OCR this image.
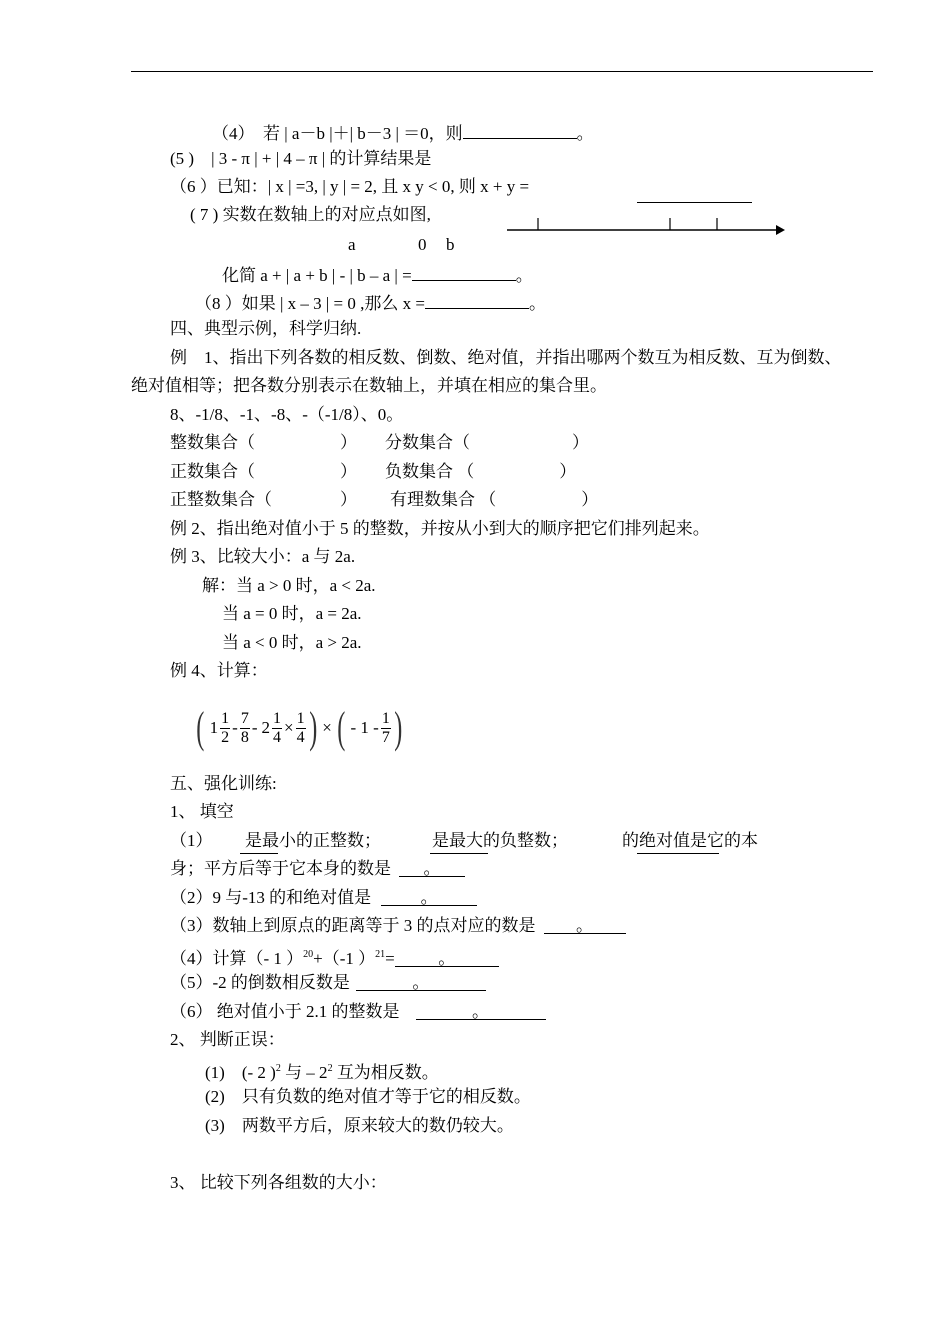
（4）　若 | a－b |＋| b－3 | ＝0，则	。
(5 )　| 3 - π | + | 4 – π | 的计算结果是
（6 ）已知：| x | =3, | y | = 2, 且 x y < 0, 则 x + y =
( 7 ) 实数在数轴上的对应点如图,
a	0 b
化简 a + | a + b | - | b – a | =	。
（8 ）如果 | x – 3 | = 0 ,那么 x =	。
四、典型示例，科学归纳.
例　1、指出下列各数的相反数、倒数、绝对值，并指出哪两个数互为相反数、互为倒数、
绝对值相等；把各数分别表示在数轴上，并填在相应的集合里。
8、-1/8、-1、-8、-（-1/8）、0。
整数集合（　　　　　） 分数集合（　　　　　　）
正数集合（　　　　　） 负数集合 （　　　　　）
正整数集合（　　　　） 有理数集合 （　　　　　）
例 2、指出绝对值小于 5 的整数，并按从小到大的顺序把它们排列起来。
例 3、比较大小：a 与 2a.
解：当 a > 0 时，a < 2a.
当 a = 0 时，a = 2a.
当 a < 0 时，a > 2a.
例 4、计算：
( $1 \frac{1}{2} - \frac{7}{8} - 2 \frac{1}{4} \times \frac{1}{4}$ ) × ( - $1 - \frac{1}{7}$ )
五、强化训练:
1、 填空
（1） 是最小的正整数；	是最大的负整数；	的绝对值是它的本
身；平方后等于它本身的数是 。
（2）9 与-13 的和绝对值是	。
（3）数轴上到原点的距离等于 3 的点对应的数是 。
（4）计算（- 1 ）$^{20}$+（-1 ）$^{21}$=	。
（5）-2 的倒数相反数是	。
（6） 绝对值小于 2.1 的整数是	。
2、 判断正误：
(1)　(- 2 )$^2$ 与 – $2^2$ 互为相反数。
(2)　只有负数的绝对值才等于它的相反数。
(3)　两数平方后，原来较大的数仍较大。
3、 比较下列各组数的大小：
